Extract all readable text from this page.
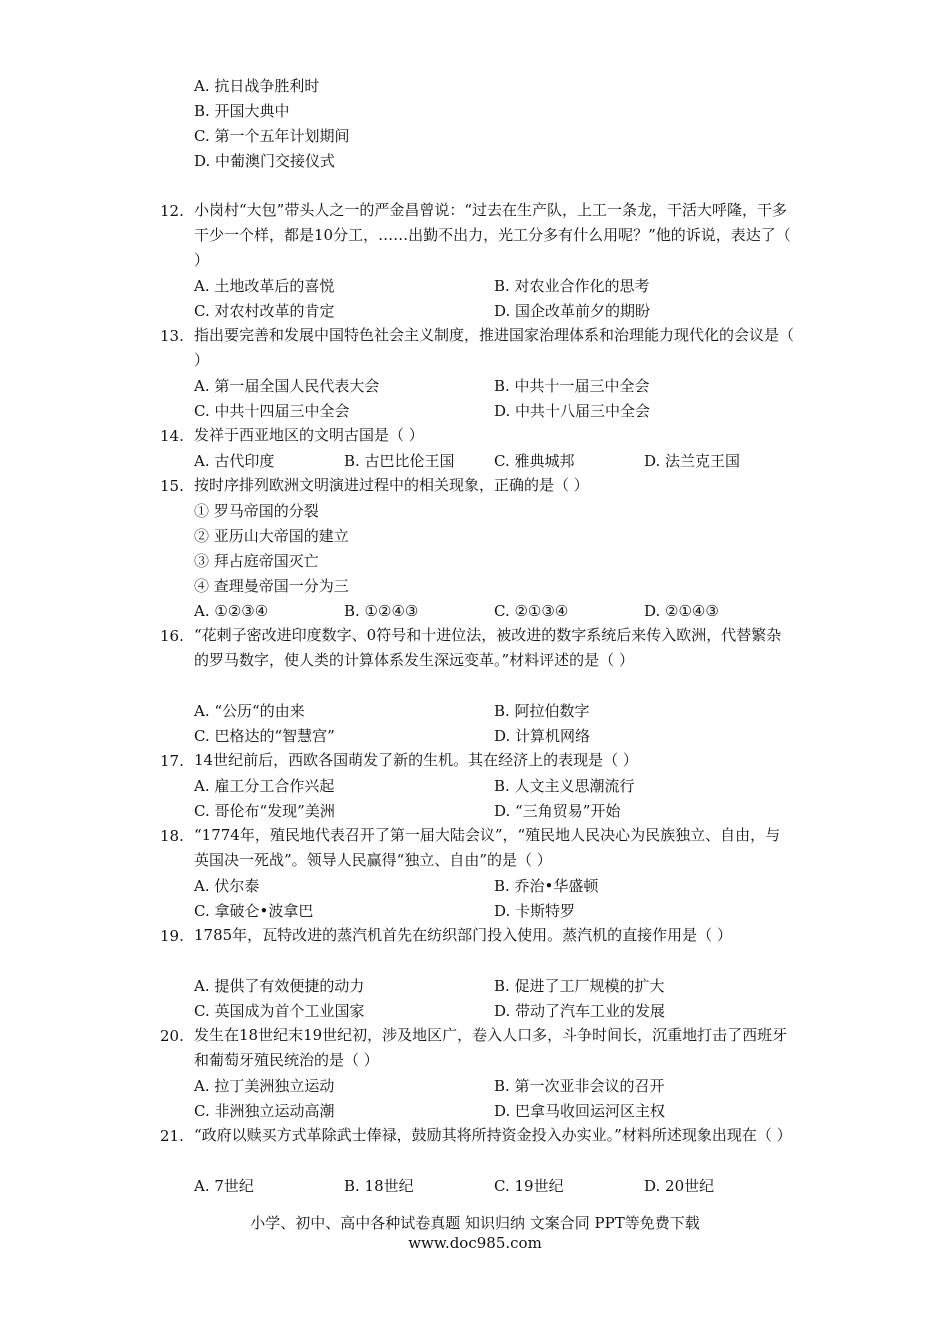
A. 抗日战争胜利时
B. 开国大典中
C. 第一个五年计划期间
D. 中葡澳门交接仪式
12. 小岗村“大包”带头人之一的严金昌曾说：“过去在生产队，上工一条龙，干活大呼隆，干多干少一个样，都是10分工，……出勤不出力，光工分多有什么用呢？”他的诉说，表达了（ ）
A. 土地改革后的喜悦	B. 对农业合作化的思考
C. 对农村改革的肯定	D. 国企改革前夕的期盼
13. 指出要完善和发展中国特色社会主义制度，推进国家治理体系和治理能力现代化的会议是（ ）
A. 第一届全国人民代表大会	B. 中共十一届三中全会
C. 中共十四届三中全会	D. 中共十八届三中全会
14. 发祥于西亚地区的文明古国是（ ）
A. 古代印度	B. 古巴比伦王国	C. 雅典城邦	D. 法兰克王国
15. 按时序排列欧洲文明演进过程中的相关现象，正确的是（ ）
① 罗马帝国的分裂
② 亚历山大帝国的建立
③ 拜占庭帝国灭亡
④ 查理曼帝国一分为三
A. ①②③④	B. ①②④③	C. ②①③④	D. ②①④③
16. “花剌子密改进印度数字、0符号和十进位法，被改进的数字系统后来传入欧洲，代替繁杂的罗马数字，使人类的计算体系发生深远变革。”材料评述的是（ ）
A. “公历“的由来	B. 阿拉伯数字
C. 巴格达的“智慧宫”	D. 计算机网络
17. 14世纪前后，西欧各国萌发了新的生机。其在经济上的表现是（ ）
A. 雇工分工合作兴起	B. 人文主义思潮流行
C. 哥伦布“发现”美洲	D. “三角贸易”开始
18. “1774年，殖民地代表召开了第一届大陆会议”，“殖民地人民决心为民族独立、自由，与英国决一死战”。领导人民赢得“独立、自由”的是（ ）
A. 伏尔泰	B. 乔治•华盛顿
C. 拿破仑•波拿巴	D. 卡斯特罗
19. 1785年，瓦特改进的蒸汽机首先在纺织部门投入使用。蒸汽机的直接作用是（ ）
A. 提供了有效便捷的动力	B. 促进了工厂规模的扩大
C. 英国成为首个工业国家	D. 带动了汽车工业的发展
20. 发生在18世纪末19世纪初，涉及地区广，卷入人口多，斗争时间长，沉重地打击了西班牙和葡萄牙殖民统治的是（ ）
A. 拉丁美洲独立运动	B. 第一次亚非会议的召开
C. 非洲独立运动高潮	D. 巴拿马收回运河区主权
21. “政府以赎买方式革除武士俸禄，鼓励其将所持资金投入办实业。”材料所述现象出现在（ ）
A. 7世纪	B. 18世纪	C. 19世纪	D. 20世纪
小学、初中、高中各种试卷真题 知识归纳 文案合同 PPT等免费下载
www.doc985.com
